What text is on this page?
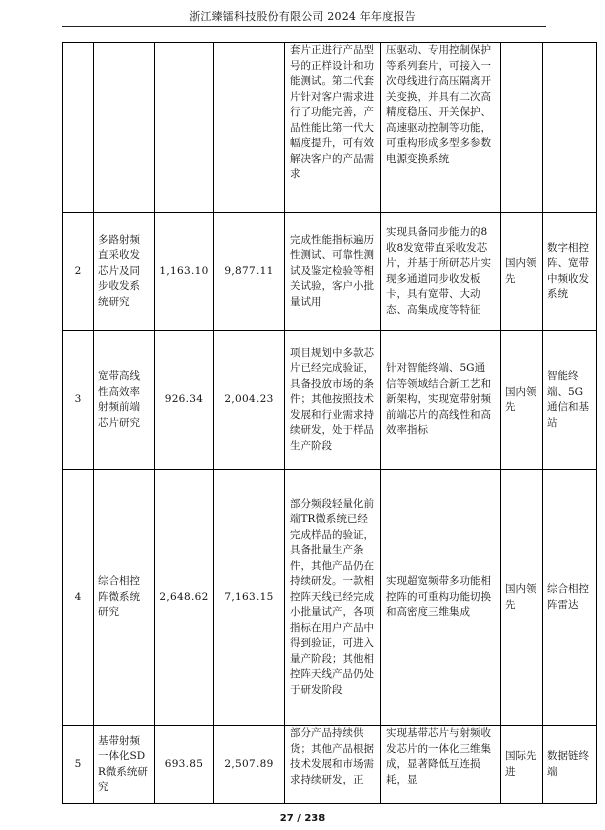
浙江臻镭科技股份有限公司 2024 年年度报告
				套片正进行产品型号的正样设计和功能测试。第二代套片针对客户需求进行了功能完善，产品性能比第一代大幅度提升，可有效解决客户的产品需求	压驱动、专用控制保护等系列套片，可接入一次母线进行高压隔离开关变换，并具有二次高精度稳压、开关保护、高速驱动控制等功能，可重构形成多型多参数电源变换系统		
2	多路射频直采收发芯片及同步收发系统研究	1,163.10	9,877.11	完成性能指标遍历性测试、可靠性测试及鉴定检验等相关试验，客户小批量试用	实现具备同步能力的8收8发宽带直采收发芯片，并基于所研芯片实现多通道同步收发板卡，具有宽带、大动态、高集成度等特征	国内领先	数字相控阵、宽带中频收发系统
3	宽带高线性高效率射频前端芯片研究	926.34	2,004.23	项目规划中多款芯片已经完成验证，具备投放市场的条件；其他按照技术发展和行业需求持续研发，处于样品生产阶段	针对智能终端、5G通信等领域结合新工艺和新架构，实现宽带射频前端芯片的高线性和高效率指标	国内领先	智能终端、5G通信和基站
4	综合相控阵微系统研究	2,648.62	7,163.15	部分频段轻量化前端TR微系统已经完成样品的验证，具备批量生产条件，其他产品仍在持续研发。一款相控阵天线已经完成小批量试产，各项指标在用户产品中得到验证，可进入量产阶段；其他相控阵天线产品仍处于研发阶段	实现超宽频带多功能相控阵的可重构功能切换和高密度三维集成	国内领先	综合相控阵雷达
5	基带射频一体化SDR微系统研究	693.85	2,507.89	部分产品持续供货；其他产品根据技术发展和市场需求持续研发，正	实现基带芯片与射频收发芯片的一体化三维集成，显著降低互连损耗，显	国际先进	数据链终端
27 / 238
